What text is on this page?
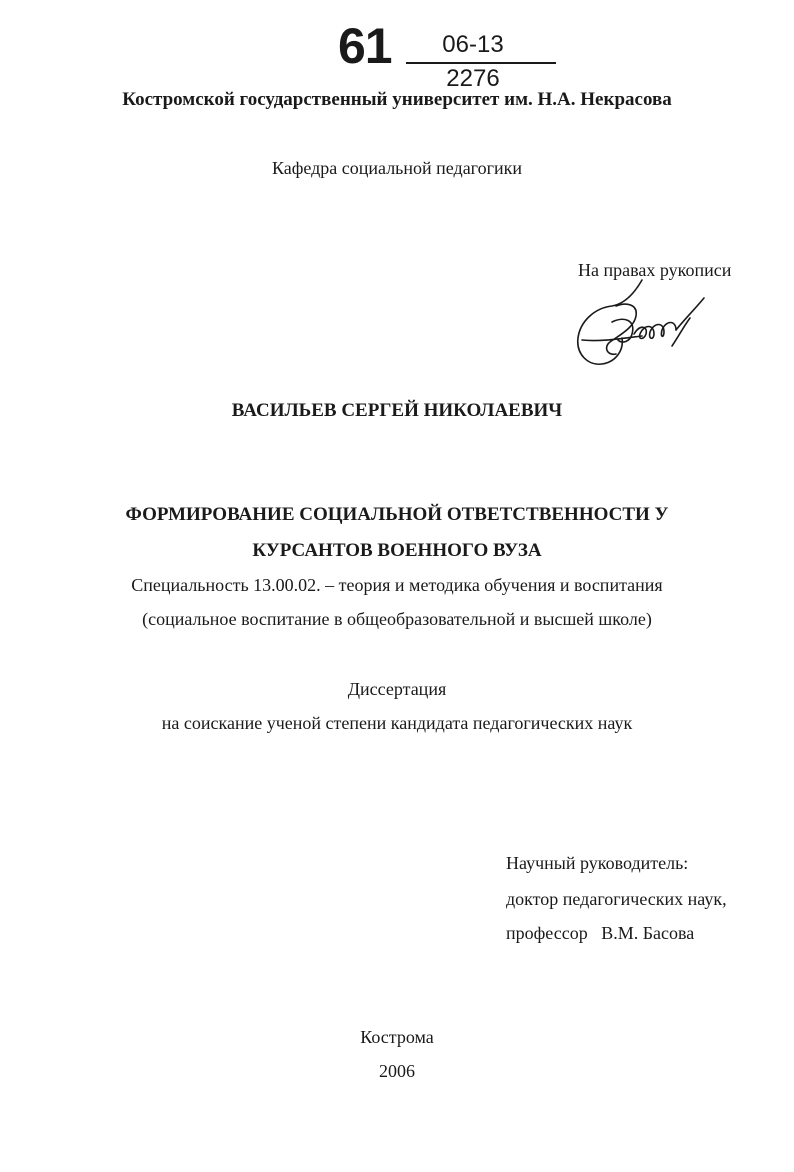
61	06-13
2276
Костромской государственный университет им. Н.А. Некрасова
Кафедра социальной педагогики
На правах рукописи
ВАСИЛЬЕВ СЕРГЕЙ НИКОЛАЕВИЧ
ФОРМИРОВАНИЕ СОЦИАЛЬНОЙ ОТВЕТСТВЕННОСТИ У
КУРСАНТОВ ВОЕННОГО ВУЗА
Специальность 13.00.02. – теория и методика обучения и воспитания
(социальное воспитание в общеобразовательной и высшей школе)
Диссертация
на соискание ученой степени кандидата педагогических наук
Научный руководитель:
доктор педагогических наук,
профессор   В.М. Басова
Кострома
2006
